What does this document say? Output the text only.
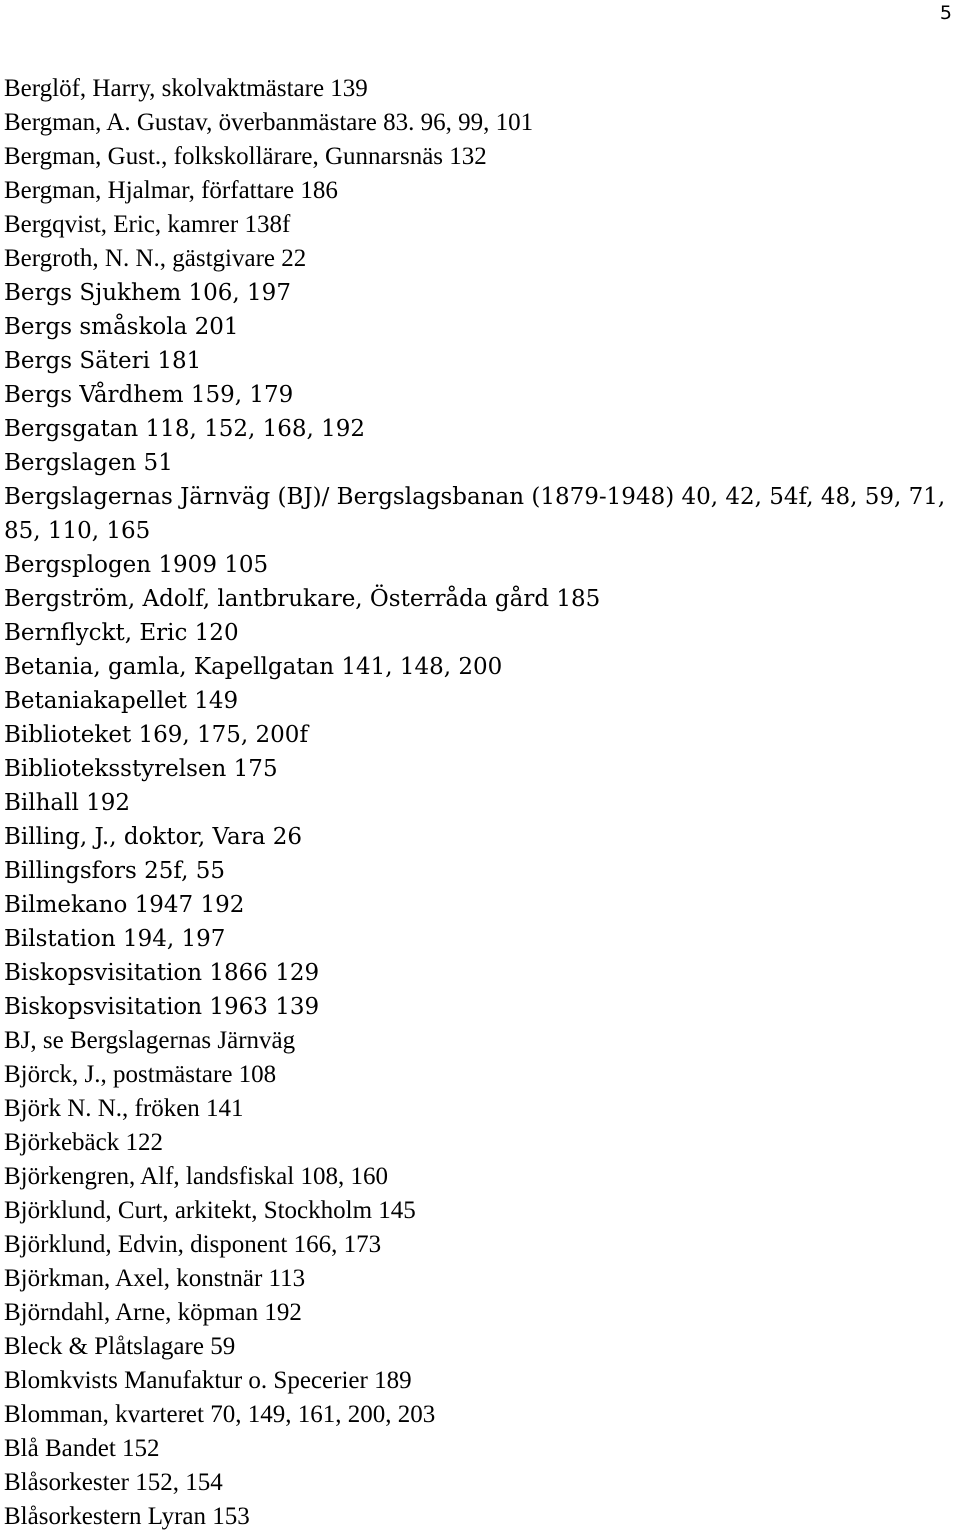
5
Berglöf, Harry, skolvaktmästare 139
Bergman, A. Gustav, överbanmästare 83. 96, 99, 101
Bergman, Gust., folkskollärare, Gunnarsnäs 132
Bergman, Hjalmar, författare 186
Bergqvist, Eric, kamrer 138f
Bergroth, N. N., gästgivare 22
Bergs Sjukhem 106, 197
Bergs småskola 201
Bergs Säteri 181
Bergs Vårdhem 159, 179
Bergsgatan 118, 152, 168, 192
Bergslagen 51
Bergslagernas Järnväg (BJ)/ Bergslagsbanan (1879-1948) 40, 42, 54f, 48, 59, 71, 85, 110, 165
Bergsplogen 1909 105
Bergström, Adolf, lantbrukare, Österråda gård 185
Bernflyckt, Eric 120
Betania, gamla, Kapellgatan 141, 148, 200
Betaniakapellet 149
Biblioteket 169, 175, 200f
Biblioteksstyrelsen 175
Bilhall 192
Billing, J., doktor, Vara 26
Billingsfors 25f, 55
Bilmekano 1947 192
Bilstation 194, 197
Biskopsvisitation 1866 129
Biskopsvisitation 1963 139
BJ, se Bergslagernas Järnväg
Björck, J., postmästare 108
Björk N. N., fröken 141
Björkebäck 122
Björkengren, Alf, landsfiskal 108, 160
Björklund, Curt, arkitekt, Stockholm 145
Björklund, Edvin, disponent 166, 173
Björkman, Axel, konstnär 113
Björndahl, Arne, köpman 192
Bleck & Plåtslagare 59
Blomkvists Manufaktur o. Specerier 189
Blomman, kvarteret 70, 149, 161, 200, 203
Blå Bandet 152
Blåsorkester 152, 154
Blåsorkestern Lyran 153
